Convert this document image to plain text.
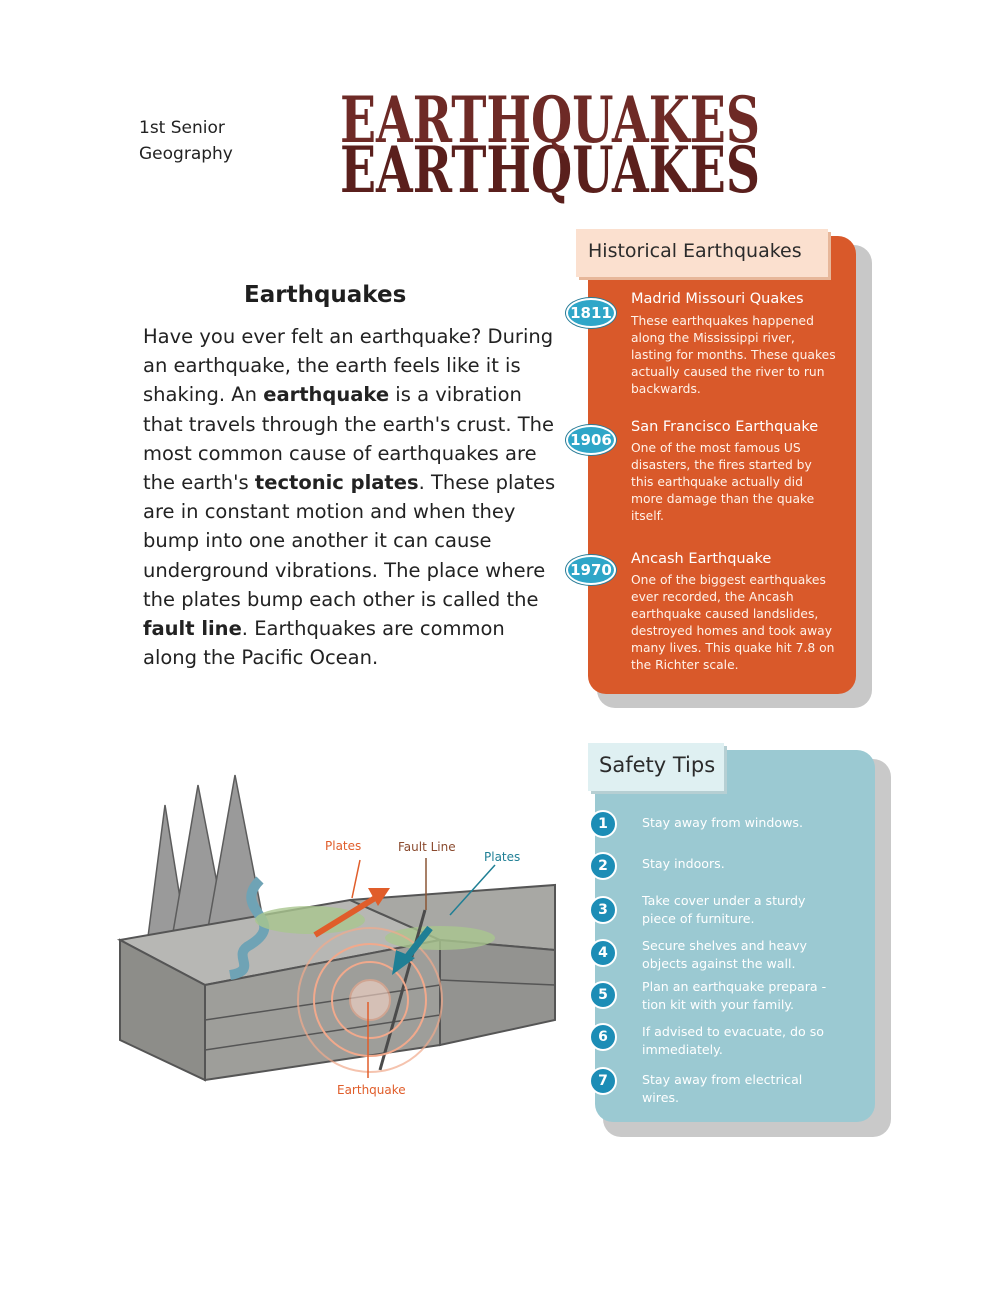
1st Senior
Geography EARTHQUAKES
EARTHQUAKES
Earthquakes
Have you ever felt an earthquake? During an earthquake, the earth feels like it is shaking. An earthquake is a vibration that travels through the earth's crust. The most common cause of earthquakes are the earth's tectonic plates. These plates are in constant motion and when they bump into one another it can cause underground vibrations. The place where the plates bump each other is called the fault line. Earthquakes are common along the Pacific Ocean.
Historical Earthquakes
1811
Madrid Missouri Quakes
These earthquakes happened along the Mississippi river, lasting for months. These quakes actually caused the river to run backwards.
1906
San Francisco Earthquake
One of the most famous US disasters, the fires started by this earthquake actually did more damage than the quake itself.
1970
Ancash Earthquake
One of the biggest earthquakes ever recorded, the Ancash earthquake caused landslides, destroyed homes and took away many lives. This quake hit 7.8 on the Richter scale.
Plates	Fault Line
Plates
Earthquake
Safety Tips
1	Stay away from windows.
2	Stay indoors.
3
Take cover under a sturdy piece of furniture.
4	Secure shelves and heavy objects against the wall.
5
Plan an earthquake prepara - tion kit with your family.
6	If advised to evacuate, do so immediately.
7	Stay away from electrical wires.
